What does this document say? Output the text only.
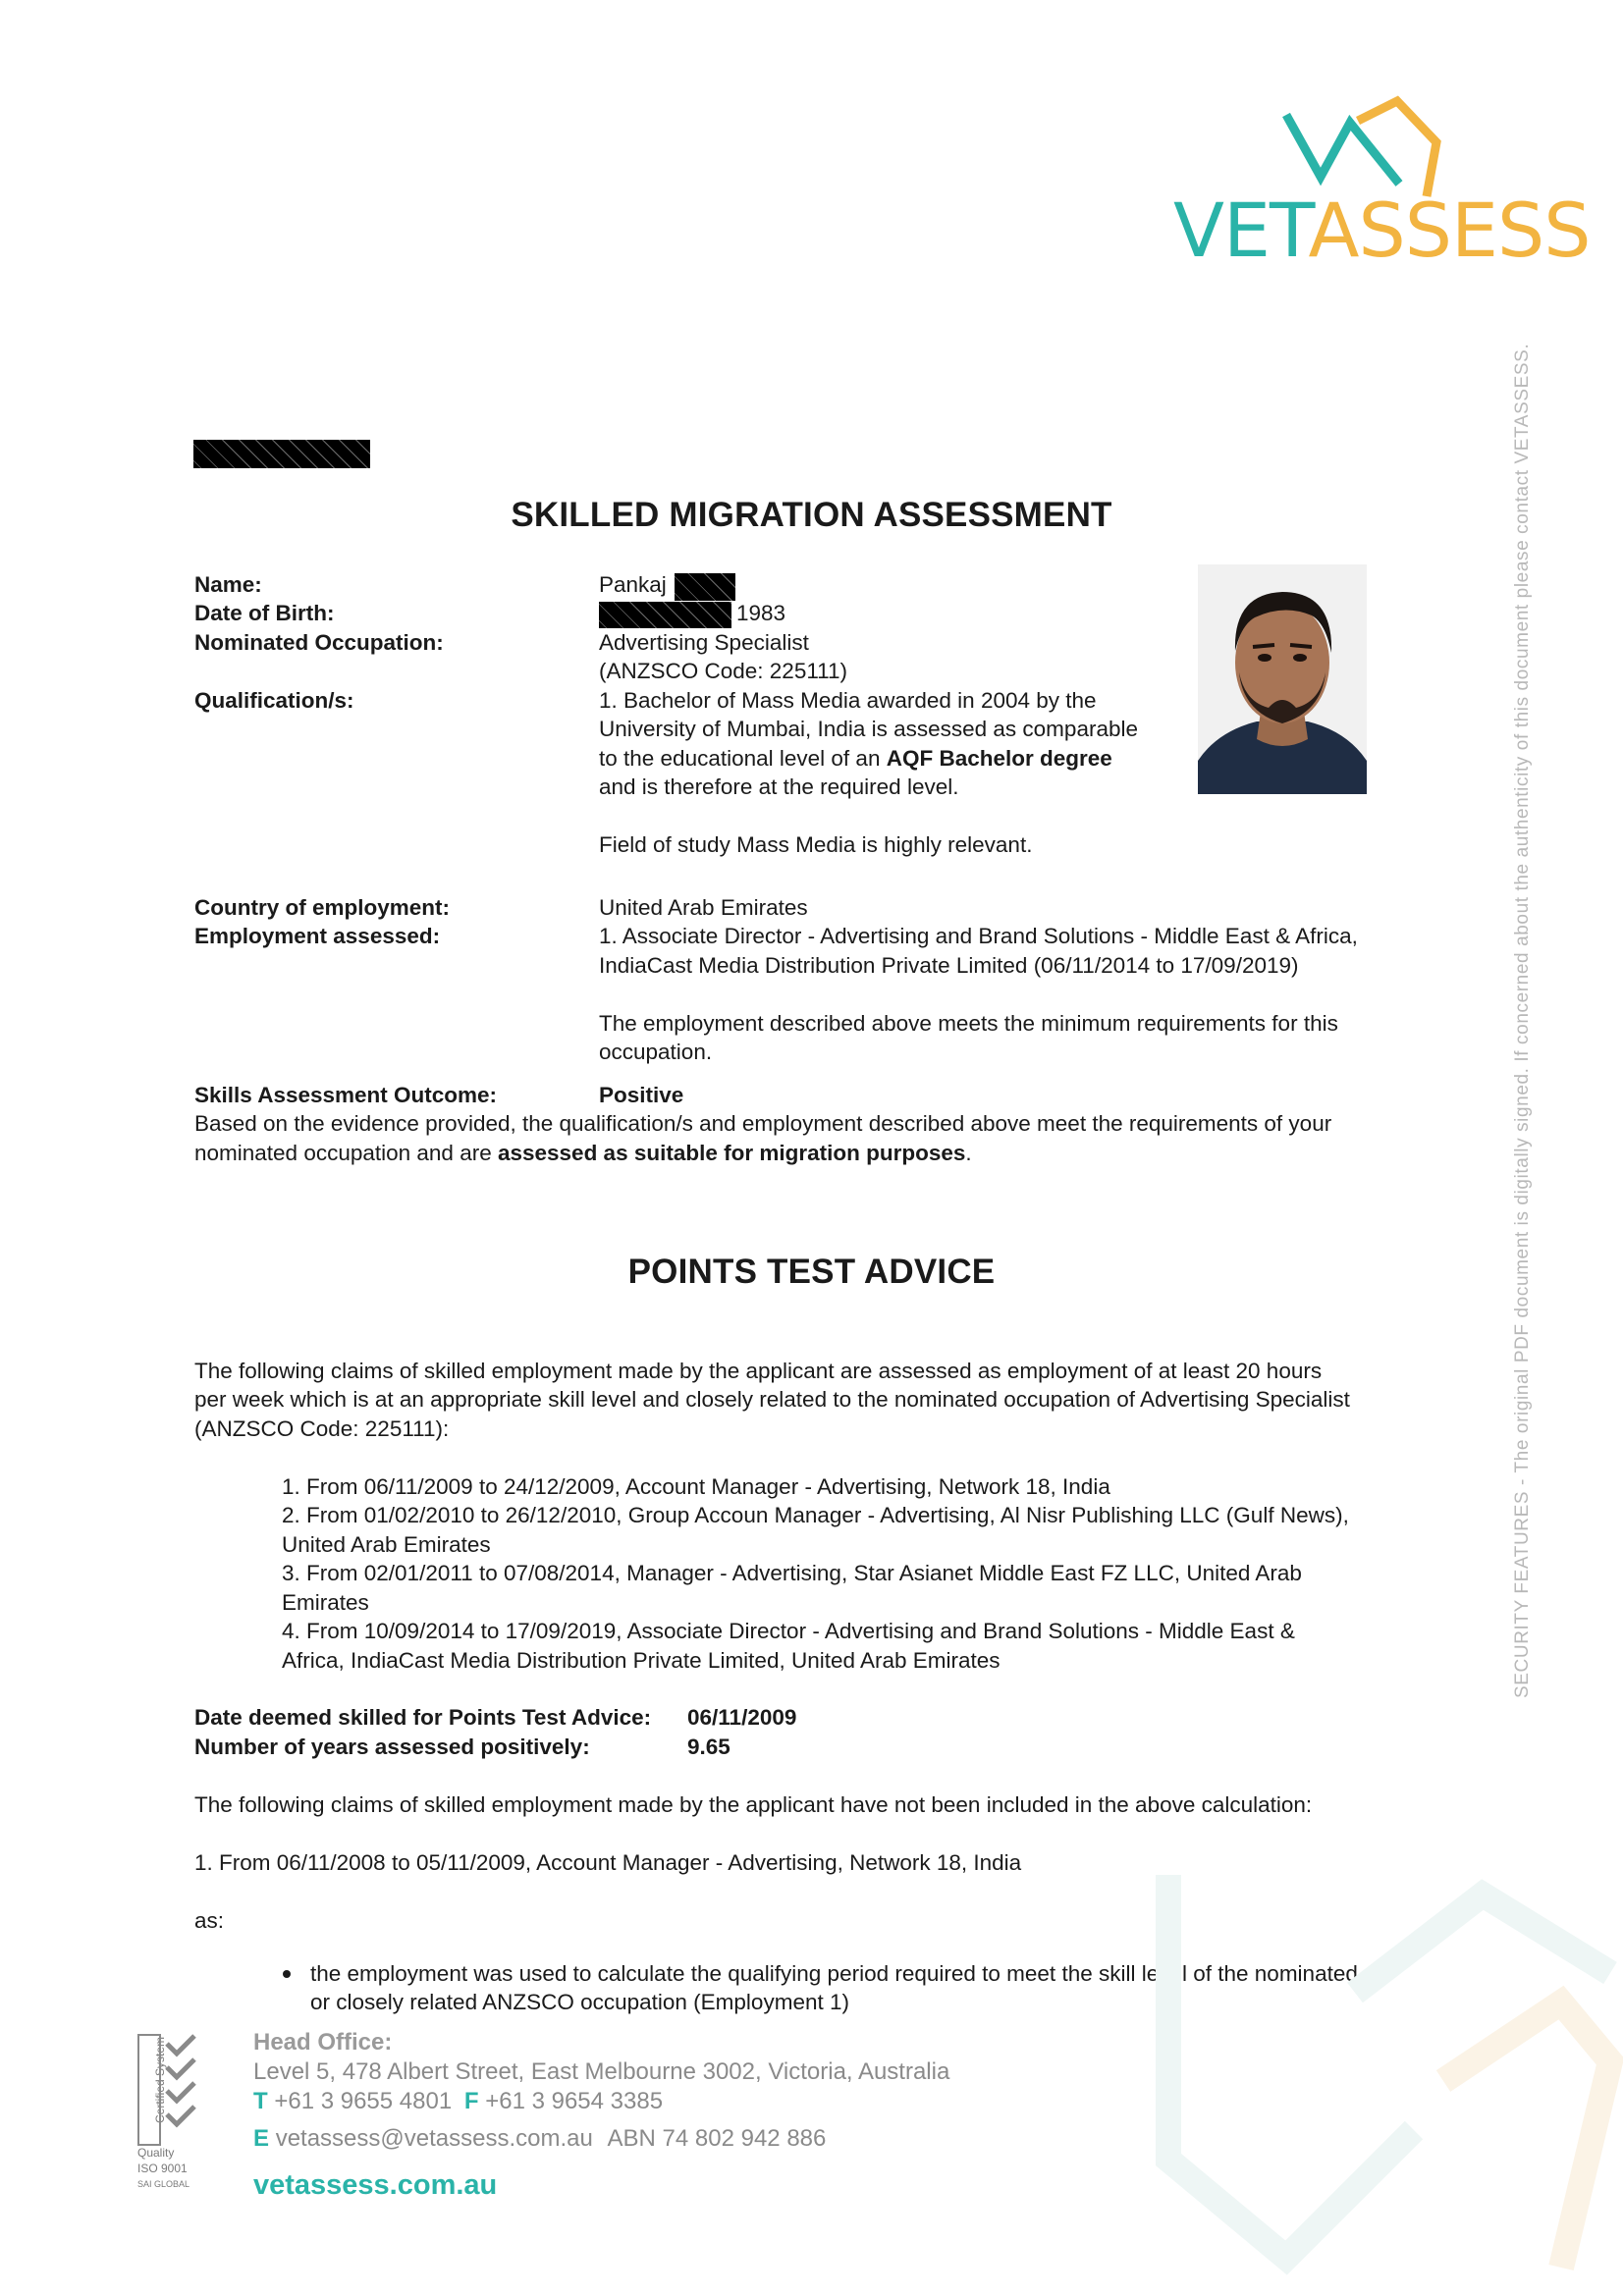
VETASSESS
SKILLED MIGRATION ASSESSMENT
Name:	Pankaj
Date of Birth:	1983
Nominated Occupation:	Advertising Specialist
(ANZSCO Code: 225111)
Qualification/s:	1. Bachelor of Mass Media awarded in 2004 by the
University of Mumbai, India is assessed as comparable
to the educational level of an AQF Bachelor degree
and is therefore at the required level.
Field of study Mass Media is highly relevant.
Country of employment:	United Arab Emirates
Employment assessed:	1. Associate Director - Advertising and Brand Solutions - Middle East & Africa,
IndiaCast Media Distribution Private Limited (06/11/2014 to 17/09/2019)
The employment described above meets the minimum requirements for this
occupation.
Skills Assessment Outcome:	Positive
Based on the evidence provided, the qualification/s and employment described above meet the requirements of your
nominated occupation and are assessed as suitable for migration purposes.
POINTS TEST ADVICE
The following claims of skilled employment made by the applicant are assessed as employment of at least 20 hours
per week which is at an appropriate skill level and closely related to the nominated occupation of Advertising Specialist
(ANZSCO Code: 225111):
1. From 06/11/2009 to 24/12/2009, Account Manager - Advertising, Network 18, India
2. From 01/02/2010 to 26/12/2010, Group Accoun Manager - Advertising, Al Nisr Publishing LLC (Gulf News),
United Arab Emirates
3. From 02/01/2011 to 07/08/2014, Manager - Advertising, Star Asianet Middle East FZ LLC, United Arab
Emirates
4. From 10/09/2014 to 17/09/2019, Associate Director - Advertising and Brand Solutions - Middle East &
Africa, IndiaCast Media Distribution Private Limited, United Arab Emirates
Date deemed skilled for Points Test Advice: 06/11/2009
Number of years assessed positively:	9.65
The following claims of skilled employment made by the applicant have not been included in the above calculation:
1. From 06/11/2008 to 05/11/2009, Account Manager - Advertising, Network 18, India
as:
the employment was used to calculate the qualifying period required to meet the skill level of the nominated
or closely related ANZSCO occupation (Employment 1)
SECURITY FEATURES - The original PDF document is digitally signed. If concerned about the authenticity of this document please contact VETASSESS.
Certified System
Quality
ISO 9001
SAI GLOBAL
Head Office:
Level 5, 478 Albert Street, East Melbourne 3002, Victoria, Australia
T +61 3 9655 4801 F +61 3 9654 3385
E vetassess@vetassess.com.au ABN 74 802 942 886
vetassess.com.au
